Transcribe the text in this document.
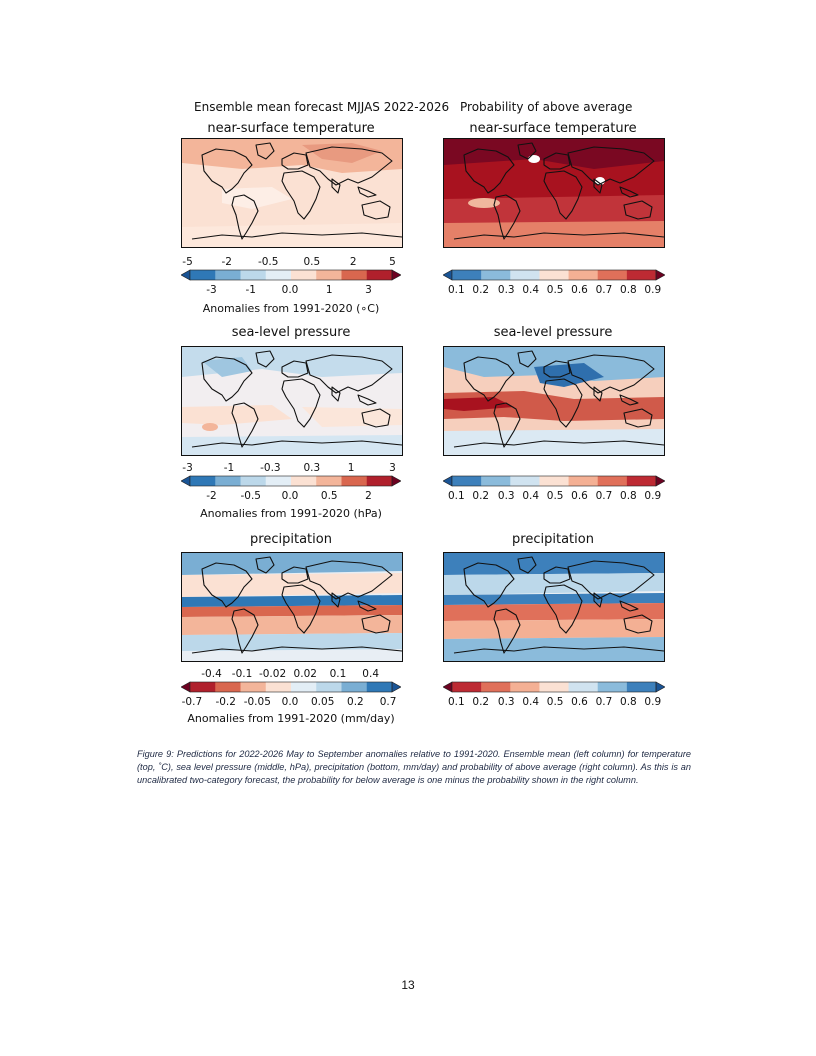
Ensemble mean forecast MJJAS 2022-2026 Probability of above average
near-surface temperature	near-surface temperature
sea-level pressure	sea-level pressure
precipitation	precipitation
-5	-2 -0.5 0.5	2	5
-3	-1 0.0	1	3
Anomalies from 1991-2020 (∘C)
0.1 0.2 0.3 0.4 0.5 0.6 0.7 0.8 0.9
-3	-1 -0.3 0.3	1	3
-2 -0.5 0.0 0.5	2
Anomalies from 1991-2020 (hPa)
0.1 0.2 0.3 0.4 0.5 0.6 0.7 0.8 0.9
-0.4 -0.1 -0.02 0.02 0.1 0.4
-0.7 -0.2 -0.05 0.0 0.05 0.2 0.7
Anomalies from 1991-2020 (mm/day)
0.1 0.2 0.3 0.4 0.5 0.6 0.7 0.8 0.9
Figure 9: Predictions for 2022-2026 May to September anomalies relative to 1991-2020. Ensemble mean (left column) for temperature (top, ˚C), sea level pressure (middle, hPa), precipitation (bottom, mm/day) and probability of above average (right column). As this is an uncalibrated two-category forecast, the probability for below average is one minus the probability shown in the right column.
13
